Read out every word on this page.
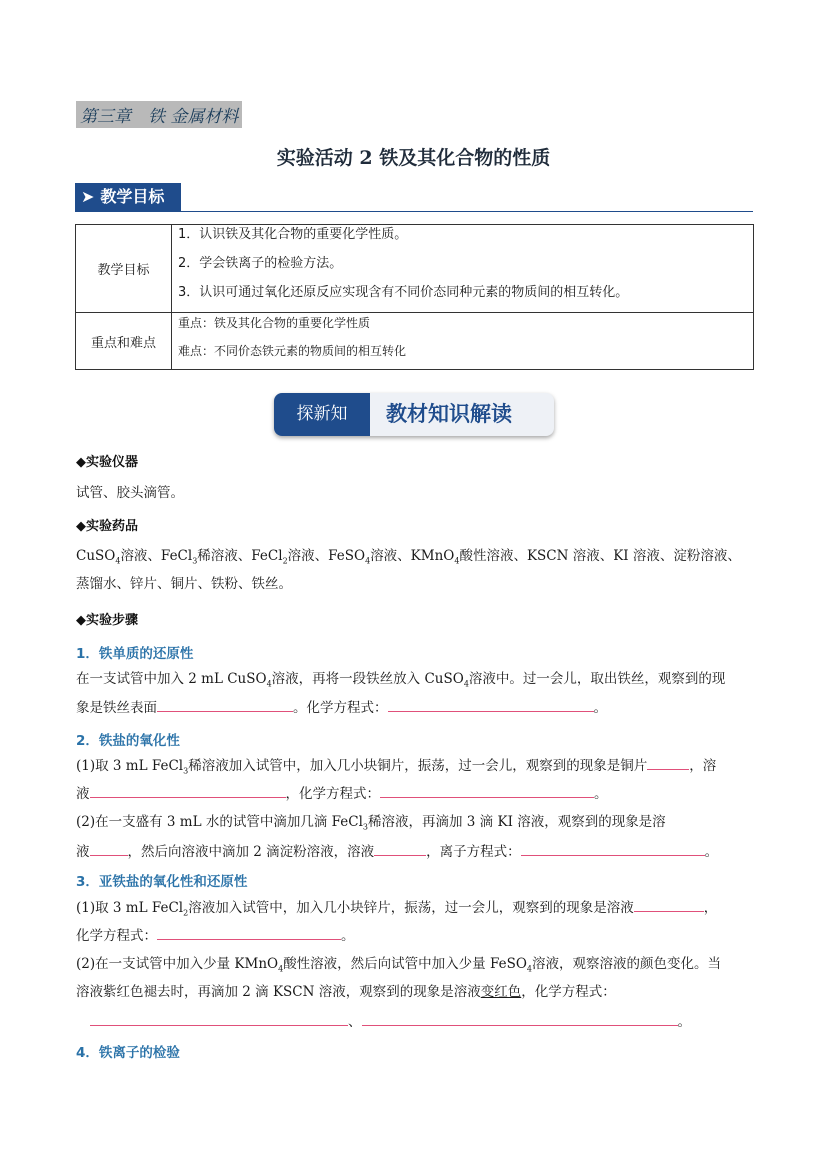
第三章　铁 金属材料
实验活动 2 铁及其化合物的性质
➤ 教学目标
教学目标	1．认识铁及其化合物的重要化学性质。
2．学会铁离子的检验方法。
3．认识可通过氧化还原反应实现含有不同价态同种元素的物质间的相互转化。

重点和难点	重点：铁及其化合物的重要化学性质
难点：不同价态铁元素的物质间的相互转化
探新知	教材知识解读
◆实验仪器
试管、胶头滴管。
◆实验药品
CuSO$_4$溶液、FeCl$_3$稀溶液、FeCl$_2$溶液、FeSO$_4$溶液、KMnO$_4$酸性溶液、KSCN 溶液、KI 溶液、淀粉溶液、
蒸馏水、锌片、铜片、铁粉、铁丝。
◆实验步骤
1．铁单质的还原性
在一支试管中加入 2 mL CuSO$_4$溶液，再将一段铁丝放入 CuSO$_4$溶液中。过一会儿，取出铁丝，观察到的现
象是铁丝表面	。化学方程式：	。
2．铁盐的氧化性
(1)取 3 mL FeCl$_3$稀溶液加入试管中，加入几小块铜片，振荡，过一会儿，观察到的现象是铜片	，溶
液	，化学方程式：	。
(2)在一支盛有 3 mL 水的试管中滴加几滴 FeCl$_3$稀溶液，再滴加 3 滴 KI 溶液，观察到的现象是溶
液	，然后向溶液中滴加 2 滴淀粉溶液，溶液	，离子方程式：	。
3．亚铁盐的氧化性和还原性
(1)取 3 mL FeCl$_2$溶液加入试管中，加入几小块锌片，振荡，过一会儿，观察到的现象是溶液	，
化学方程式：	。
(2)在一支试管中加入少量 KMnO$_4$酸性溶液，然后向试管中加入少量 FeSO$_4$溶液，观察溶液的颜色变化。当
溶液紫红色褪去时，再滴加 2 滴 KSCN 溶液，观察到的现象是溶液变红色，化学方程式：
、	。
4．铁离子的检验
